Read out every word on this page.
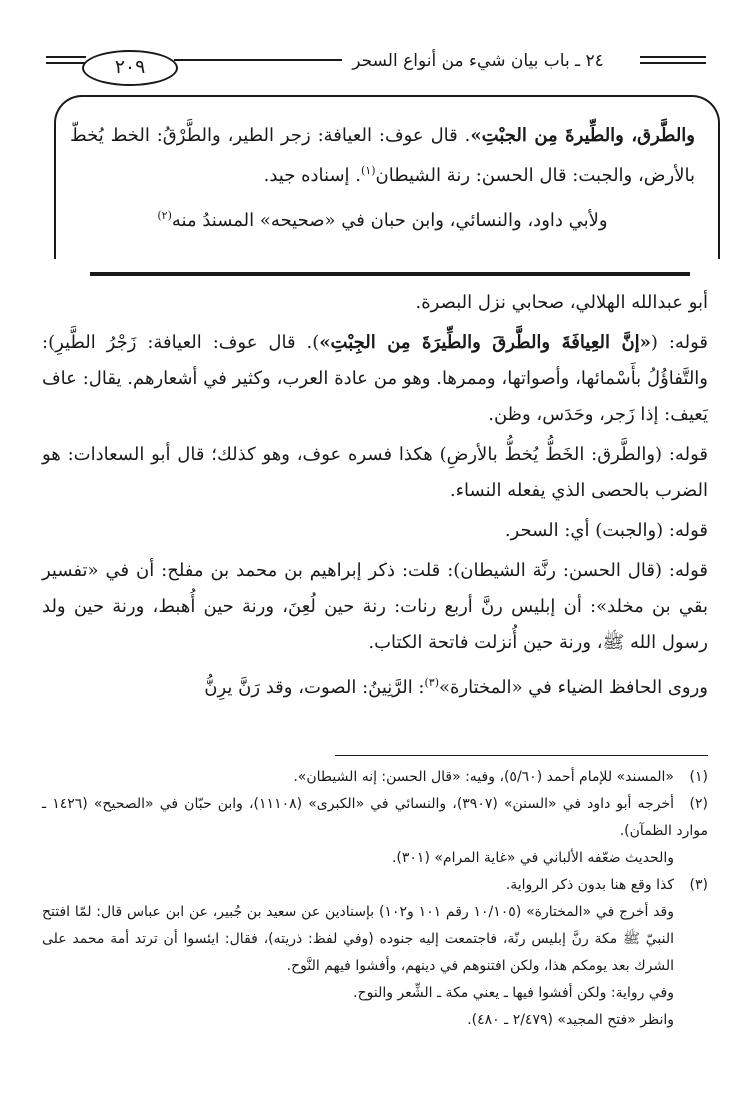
٢٠٩	٢٤ ـ باب بيان شيء من أنواع السحر
والطَّرق، والطِّيرةَ مِن الجبْتِ». قال عوف: العيافة: زجر الطير، والطَّرْقُ: الخط يُخطّ بالأرض، والجبت: قال الحسن: رنة الشيطان$^{(١)}$. إسناده جيد.
ولأبي داود، والنسائي، وابن حبان في «صحيحه» المسندُ منه$^{(٢)}$

أبو عبدالله الهلالي، صحابي نزل البصرة.

قوله: («إنَّ العِيافَةَ والطَّرقَ والطِّيرَةَ مِن الجِبْتِ»). قال عوف: العيافة: زَجْرُ الطَّيرِ): والتَّفاؤُلُ بأَسْمائها، وأصواتها، وممرها. وهو من عادة العرب، وكثير في أشعارهم. يقال: عاف يَعيف: إذا زَجر، وحَدَس، وظن.

قوله: (والطَّرق: الخَطُّ يُخطُّ بالأرضِ) هكذا فسره عوف، وهو كذلك؛ قال أبو السعادات: هو الضرب بالحصى الذي يفعله النساء.

قوله: (والجبت) أي: السحر.

قوله: (قال الحسن: رنَّة الشيطان): قلت: ذكر إبراهيم بن محمد بن مفلح: أن في «تفسير بقي بن مخلد»: أن إبليس رنَّ أربع رنات: رنة حين لُعِنَ، ورنة حين أُهبط، ورنة حين ولد رسول الله ﷺ، ورنة حين أُنزلت فاتحة الكتاب.

وروى الحافظ الضياء في «المختارة»$^{(٣)}$: الرَّنِينُ: الصوت، وقد رَنَّ يرِنُّ

(١)«المسند» للإمام أحمد (٥/٦٠)، وفيه: «قال الحسن: إنه الشيطان».

(٢)أخرجه أبو داود في «السنن» (٣٩٠٧)، والنسائي في «الكبرى» (١١١٠٨)، وابن حبّان في «الصحيح» (١٤٢٦ ـ موارد الظمآن).

والحديث ضعّفه الألباني في «غاية المرام» (٣٠١).

(٣)كذا وقع هنا بدون ذكر الرواية.

وقد أخرج في «المختارة» (١٠/١٠٥ رقم ١٠١ و١٠٢) بإسنادين عن سعيد بن جُبير، عن ابن عباس قال: لمّا افتتح النبيّ ﷺ مكة رنَّ إبليس رنّة، فاجتمعت إليه جنوده (وفي لفظ: ذريته)، فقال: ايئسوا أن ترتد أمة محمد على الشرك بعد يومكم هذا، ولكن افتنوهم في دينهم، وأفشوا فيهم النَّوح.

وفي رواية: ولكن أفشوا فيها ـ يعني مكة ـ الشِّعر والنوح.

وانظر «فتح المجيد» (٢/٤٧٩ ـ ٤٨٠).
